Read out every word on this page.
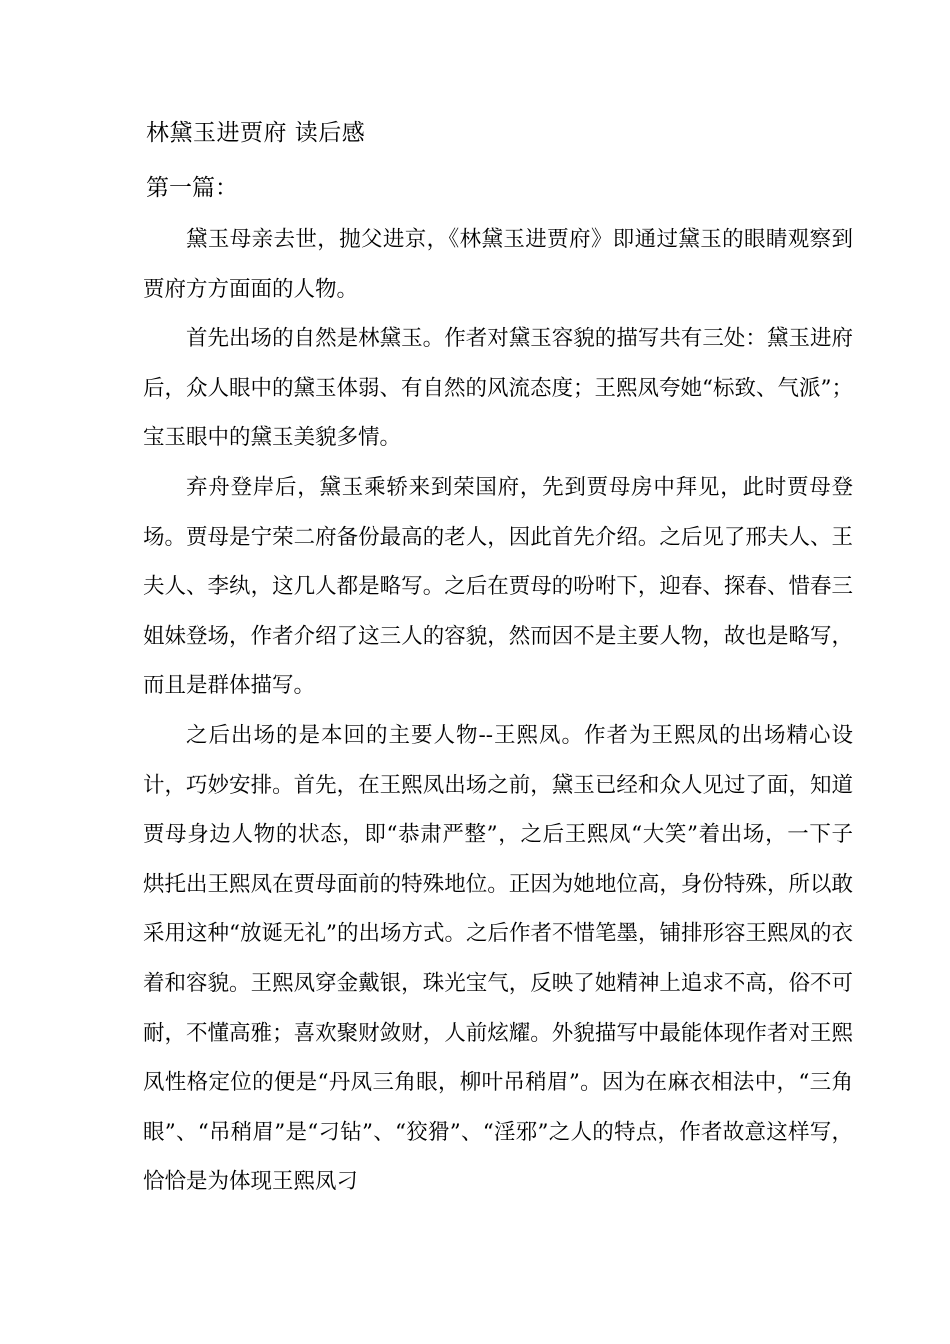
林黛玉进贾府 读后感
第一篇：

黛玉母亲去世，抛父进京，《林黛玉进贾府》即通过黛玉的眼睛观察到贾府方方面面的人物。

首先出场的自然是林黛玉。作者对黛玉容貌的描写共有三处：黛玉进府后，众人眼中的黛玉体弱、有自然的风流态度；王熙凤夸她“标致、气派”；宝玉眼中的黛玉美貌多情。

弃舟登岸后，黛玉乘轿来到荣国府，先到贾母房中拜见，此时贾母登场。贾母是宁荣二府备份最高的老人，因此首先介绍。之后见了邢夫人、王夫人、李纨，这几人都是略写。之后在贾母的吩咐下，迎春、探春、惜春三姐妹登场，作者介绍了这三人的容貌，然而因不是主要人物，故也是略写，而且是群体描写。

之后出场的是本回的主要人物--王熙凤。作者为王熙凤的出场精心设计，巧妙安排。首先，在王熙凤出场之前，黛玉已经和众人见过了面，知道贾母身边人物的状态，即“恭肃严整”，之后王熙凤“大笑”着出场，一下子烘托出王熙凤在贾母面前的特殊地位。正因为她地位高，身份特殊，所以敢采用这种“放诞无礼”的出场方式。之后作者不惜笔墨，铺排形容王熙凤的衣着和容貌。王熙凤穿金戴银，珠光宝气，反映了她精神上追求不高，俗不可耐，不懂高雅；喜欢聚财敛财，人前炫耀。外貌描写中最能体现作者对王熙凤性格定位的便是“丹凤三角眼，柳叶吊稍眉”。因为在麻衣相法中，“三角眼”、“吊稍眉”是“刁钻”、“狡猾”、“淫邪”之人的特点，作者故意这样写，恰恰是为体现王熙凤刁
